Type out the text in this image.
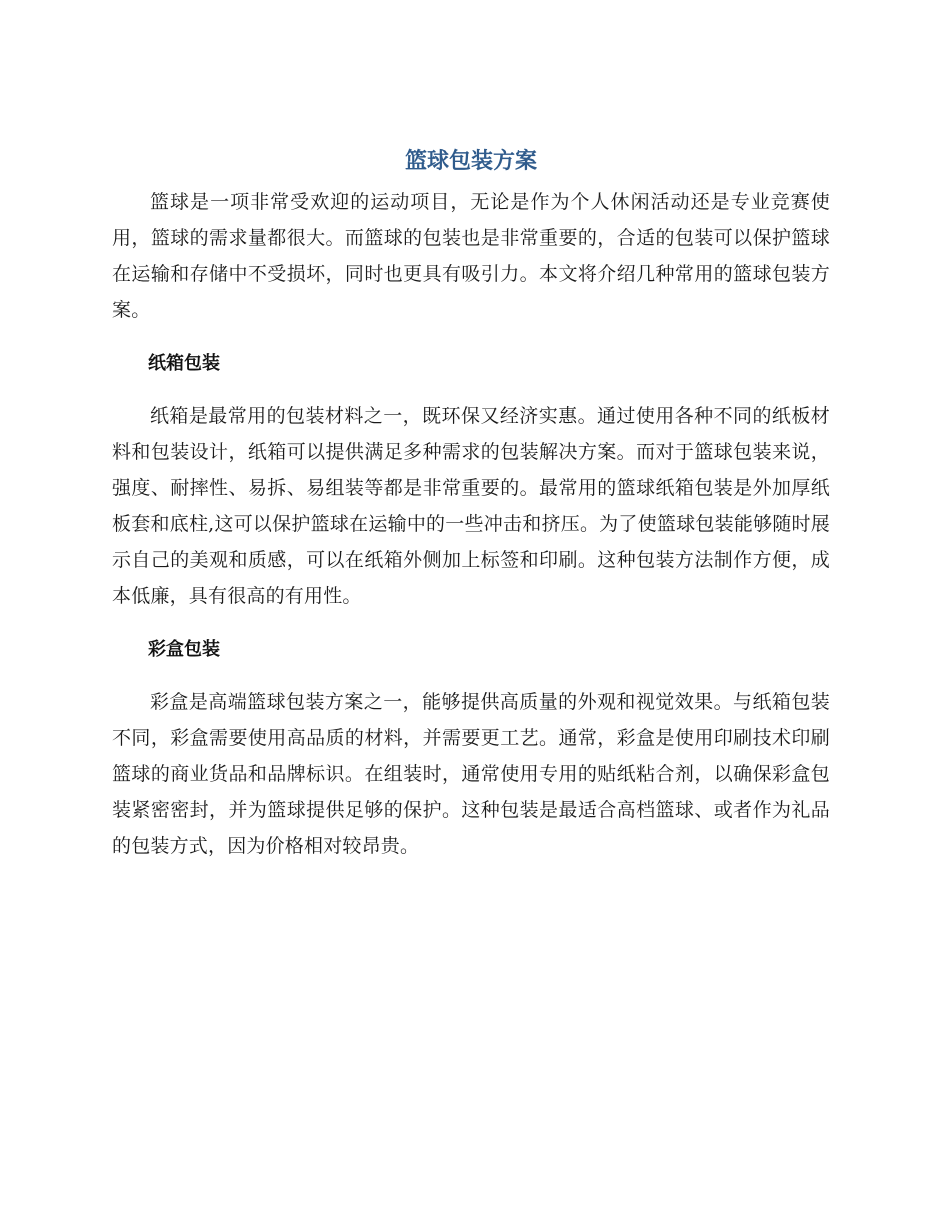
篮球包装方案

篮球是一项非常受欢迎的运动项目，无论是作为个人休闲活动还是专业竞赛使用，篮球的需求量都很大。而篮球的包装也是非常重要的，合适的包装可以保护篮球在运输和存储中不受损坏，同时也更具有吸引力。本文将介绍几种常用的篮球包装方案。

纸箱包装

纸箱是最常用的包装材料之一，既环保又经济实惠。通过使用各种不同的纸板材料和包装设计，纸箱可以提供满足多种需求的包装解决方案。而对于篮球包装来说，强度、耐摔性、易拆、易组装等都是非常重要的。最常用的篮球纸箱包装是外加厚纸板套和底柱,这可以保护篮球在运输中的一些冲击和挤压。为了使篮球包装能够随时展示自己的美观和质感，可以在纸箱外侧加上标签和印刷。这种包装方法制作方便，成本低廉，具有很高的有用性。

彩盒包装

彩盒是高端篮球包装方案之一，能够提供高质量的外观和视觉效果。与纸箱包装不同，彩盒需要使用高品质的材料，并需要更工艺。通常，彩盒是使用印刷技术印刷篮球的商业货品和品牌标识。在组装时，通常使用专用的贴纸粘合剂，以确保彩盒包装紧密密封，并为篮球提供足够的保护。这种包装是最适合高档篮球、或者作为礼品的包装方式，因为价格相对较昂贵。
